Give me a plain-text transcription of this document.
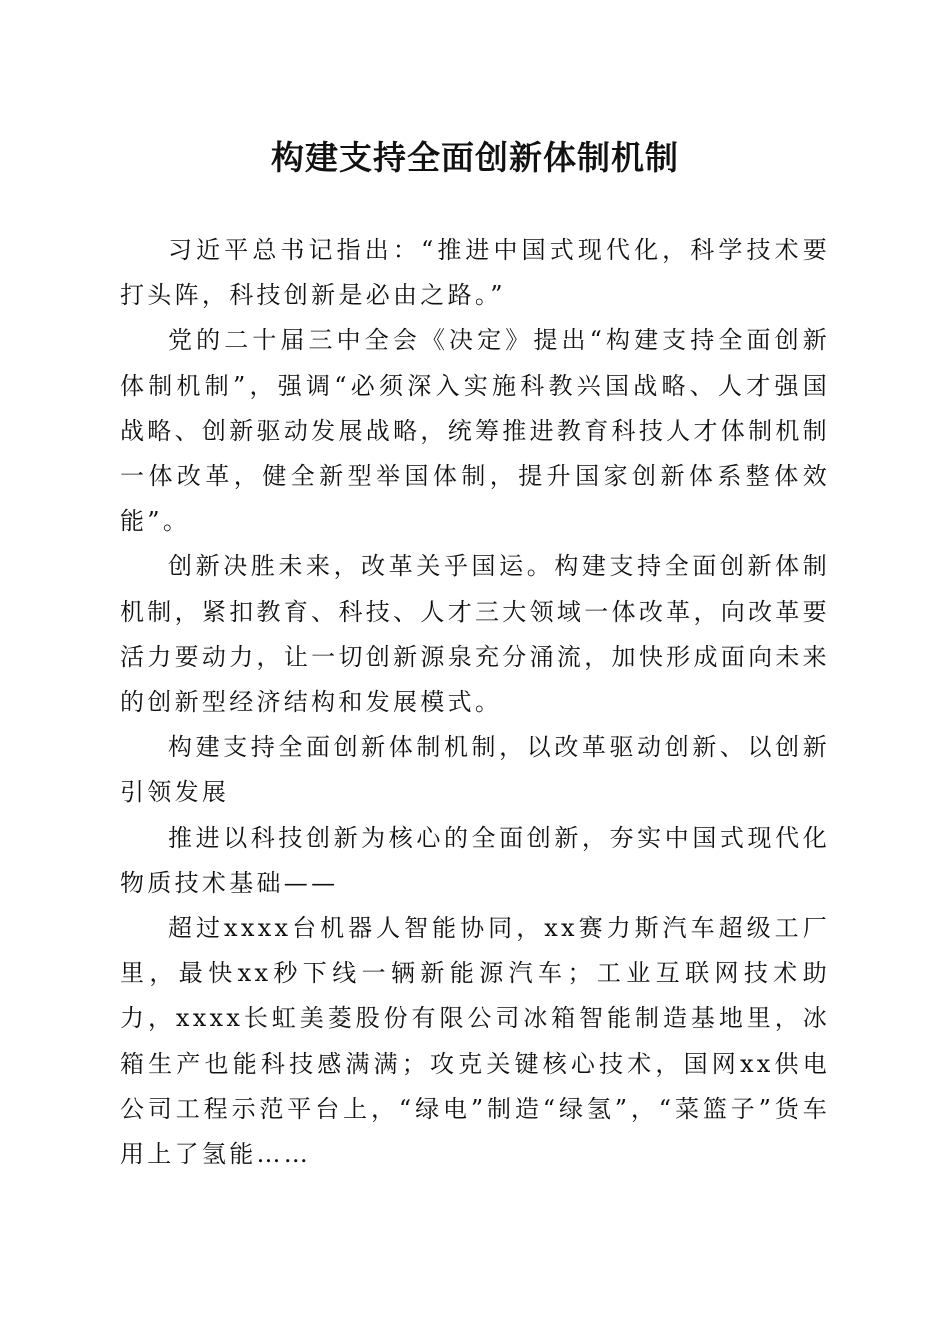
构建支持全面创新体制机制

习近平总书记指出：“推进中国式现代化，科学技术要打头阵，科技创新是必由之路。”

党的二十届三中全会《决定》提出“构建支持全面创新体制机制”，强调“必须深入实施科教兴国战略、人才强国战略、创新驱动发展战略，统筹推进教育科技人才体制机制一体改革，健全新型举国体制，提升国家创新体系整体效能”。

创新决胜未来，改革关乎国运。构建支持全面创新体制机制，紧扣教育、科技、人才三大领域一体改革，向改革要活力要动力，让一切创新源泉充分涌流，加快形成面向未来的创新型经济结构和发展模式。

构建支持全面创新体制机制，以改革驱动创新、以创新引领发展

推进以科技创新为核心的全面创新，夯实中国式现代化物质技术基础——

超过xxxx台机器人智能协同，xx赛力斯汽车超级工厂里，最快xx秒下线一辆新能源汽车；工业互联网技术助力，xxxx长虹美菱股份有限公司冰箱智能制造基地里，冰箱生产也能科技感满满；攻克关键核心技术，国网xx供电公司工程示范平台上，“绿电”制造“绿氢”，“菜篮子”货车用上了氢能……
